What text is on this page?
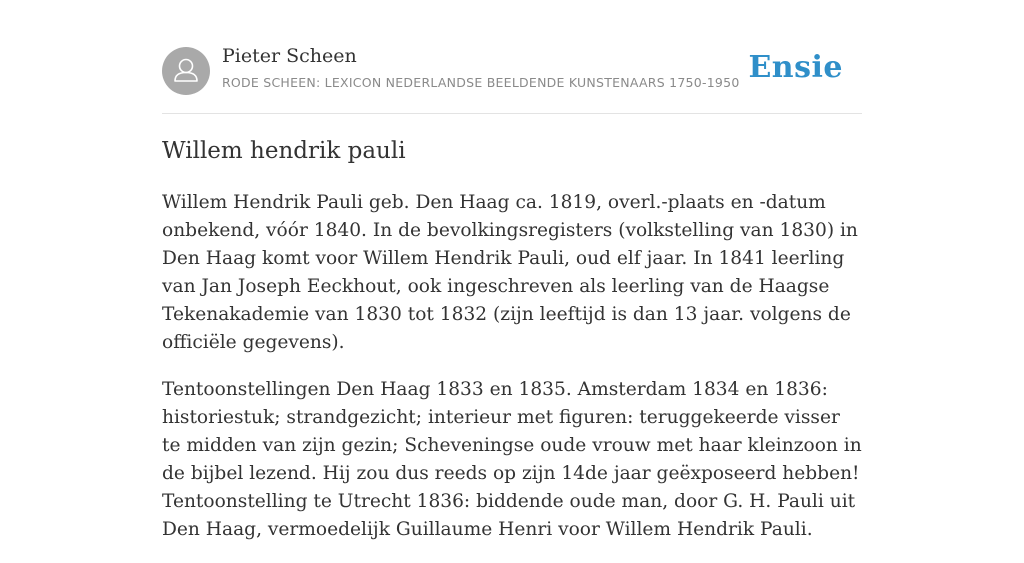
Pieter Scheen
RODE SCHEEN: LEXICON NEDERLANDSE BEELDENDE KUNSTENAARS 1750-1950 Ensie
Willem hendrik pauli

Willem Hendrik Pauli geb. Den Haag ca. 1819, overl.-plaats en -datum onbekend, vóór 1840. In de bevolkingsregisters (volkstelling van 1830) in Den Haag komt voor Willem Hendrik Pauli, oud elf jaar. In 1841 leerling van Jan Joseph Eeckhout, ook ingeschreven als leerling van de Haagse Tekenakademie van 1830 tot 1832 (zijn leeftijd is dan 13 jaar. volgens de officiële gegevens).

Tentoonstellingen Den Haag 1833 en 1835. Amsterdam 1834 en 1836: historiestuk; strandgezicht; interieur met figuren: teruggekeerde visser te midden van zijn gezin; Scheveningse oude vrouw met haar kleinzoon in de bijbel lezend. Hij zou dus reeds op zijn 14de jaar geëxposeerd hebben! Tentoonstelling te Utrecht 1836: biddende oude man, door G. H. Pauli uit Den Haag, vermoedelijk Guillaume Henri voor Willem Hendrik Pauli.
